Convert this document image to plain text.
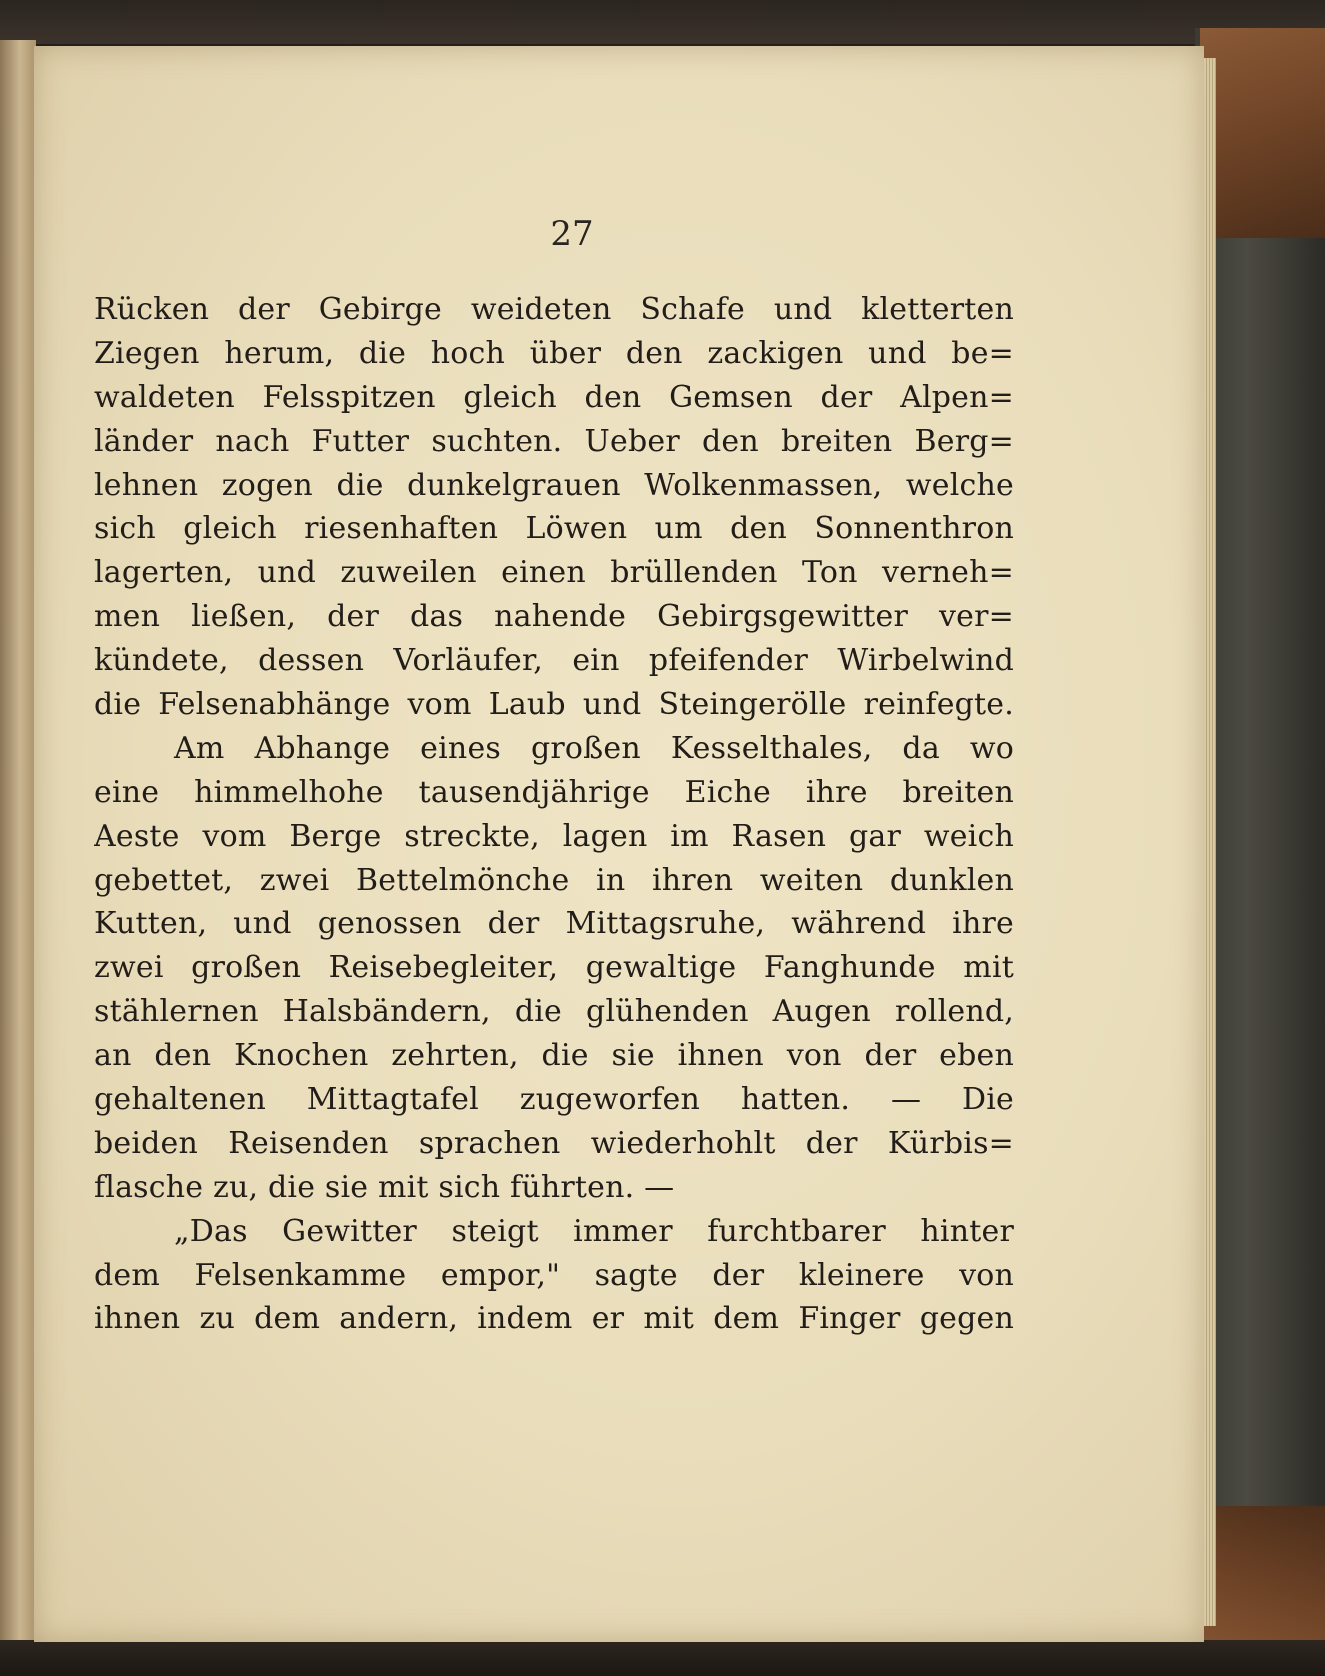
27

Rücken der Gebirge weideten Schafe und kletterten
Ziegen herum, die hoch über den zackigen und be=
waldeten Felsspitzen gleich den Gemsen der Alpen=
länder nach Futter suchten. Ueber den breiten Berg=
lehnen zogen die dunkelgrauen Wolkenmassen, welche
sich gleich riesenhaften Löwen um den Sonnenthron
lagerten, und zuweilen einen brüllenden Ton verneh=
men ließen, der das nahende Gebirgsgewitter ver=
kündete, dessen Vorläufer, ein pfeifender Wirbelwind
die Felsenabhänge vom Laub und Steingerölle reinfegte.
Am Abhange eines großen Kesselthales, da wo
eine himmelhohe tausendjährige Eiche ihre breiten
Aeste vom Berge streckte, lagen im Rasen gar weich
gebettet, zwei Bettelmönche in ihren weiten dunklen
Kutten, und genossen der Mittagsruhe, während ihre
zwei großen Reisebegleiter, gewaltige Fanghunde mit
stählernen Halsbändern, die glühenden Augen rollend,
an den Knochen zehrten, die sie ihnen von der eben
gehaltenen Mittagtafel zugeworfen hatten. — Die
beiden Reisenden sprachen wiederhohlt der Kürbis=
flasche zu, die sie mit sich führten. —
„Das Gewitter steigt immer furchtbarer hinter
dem Felsenkamme empor," sagte der kleinere von
ihnen zu dem andern, indem er mit dem Finger gegen
